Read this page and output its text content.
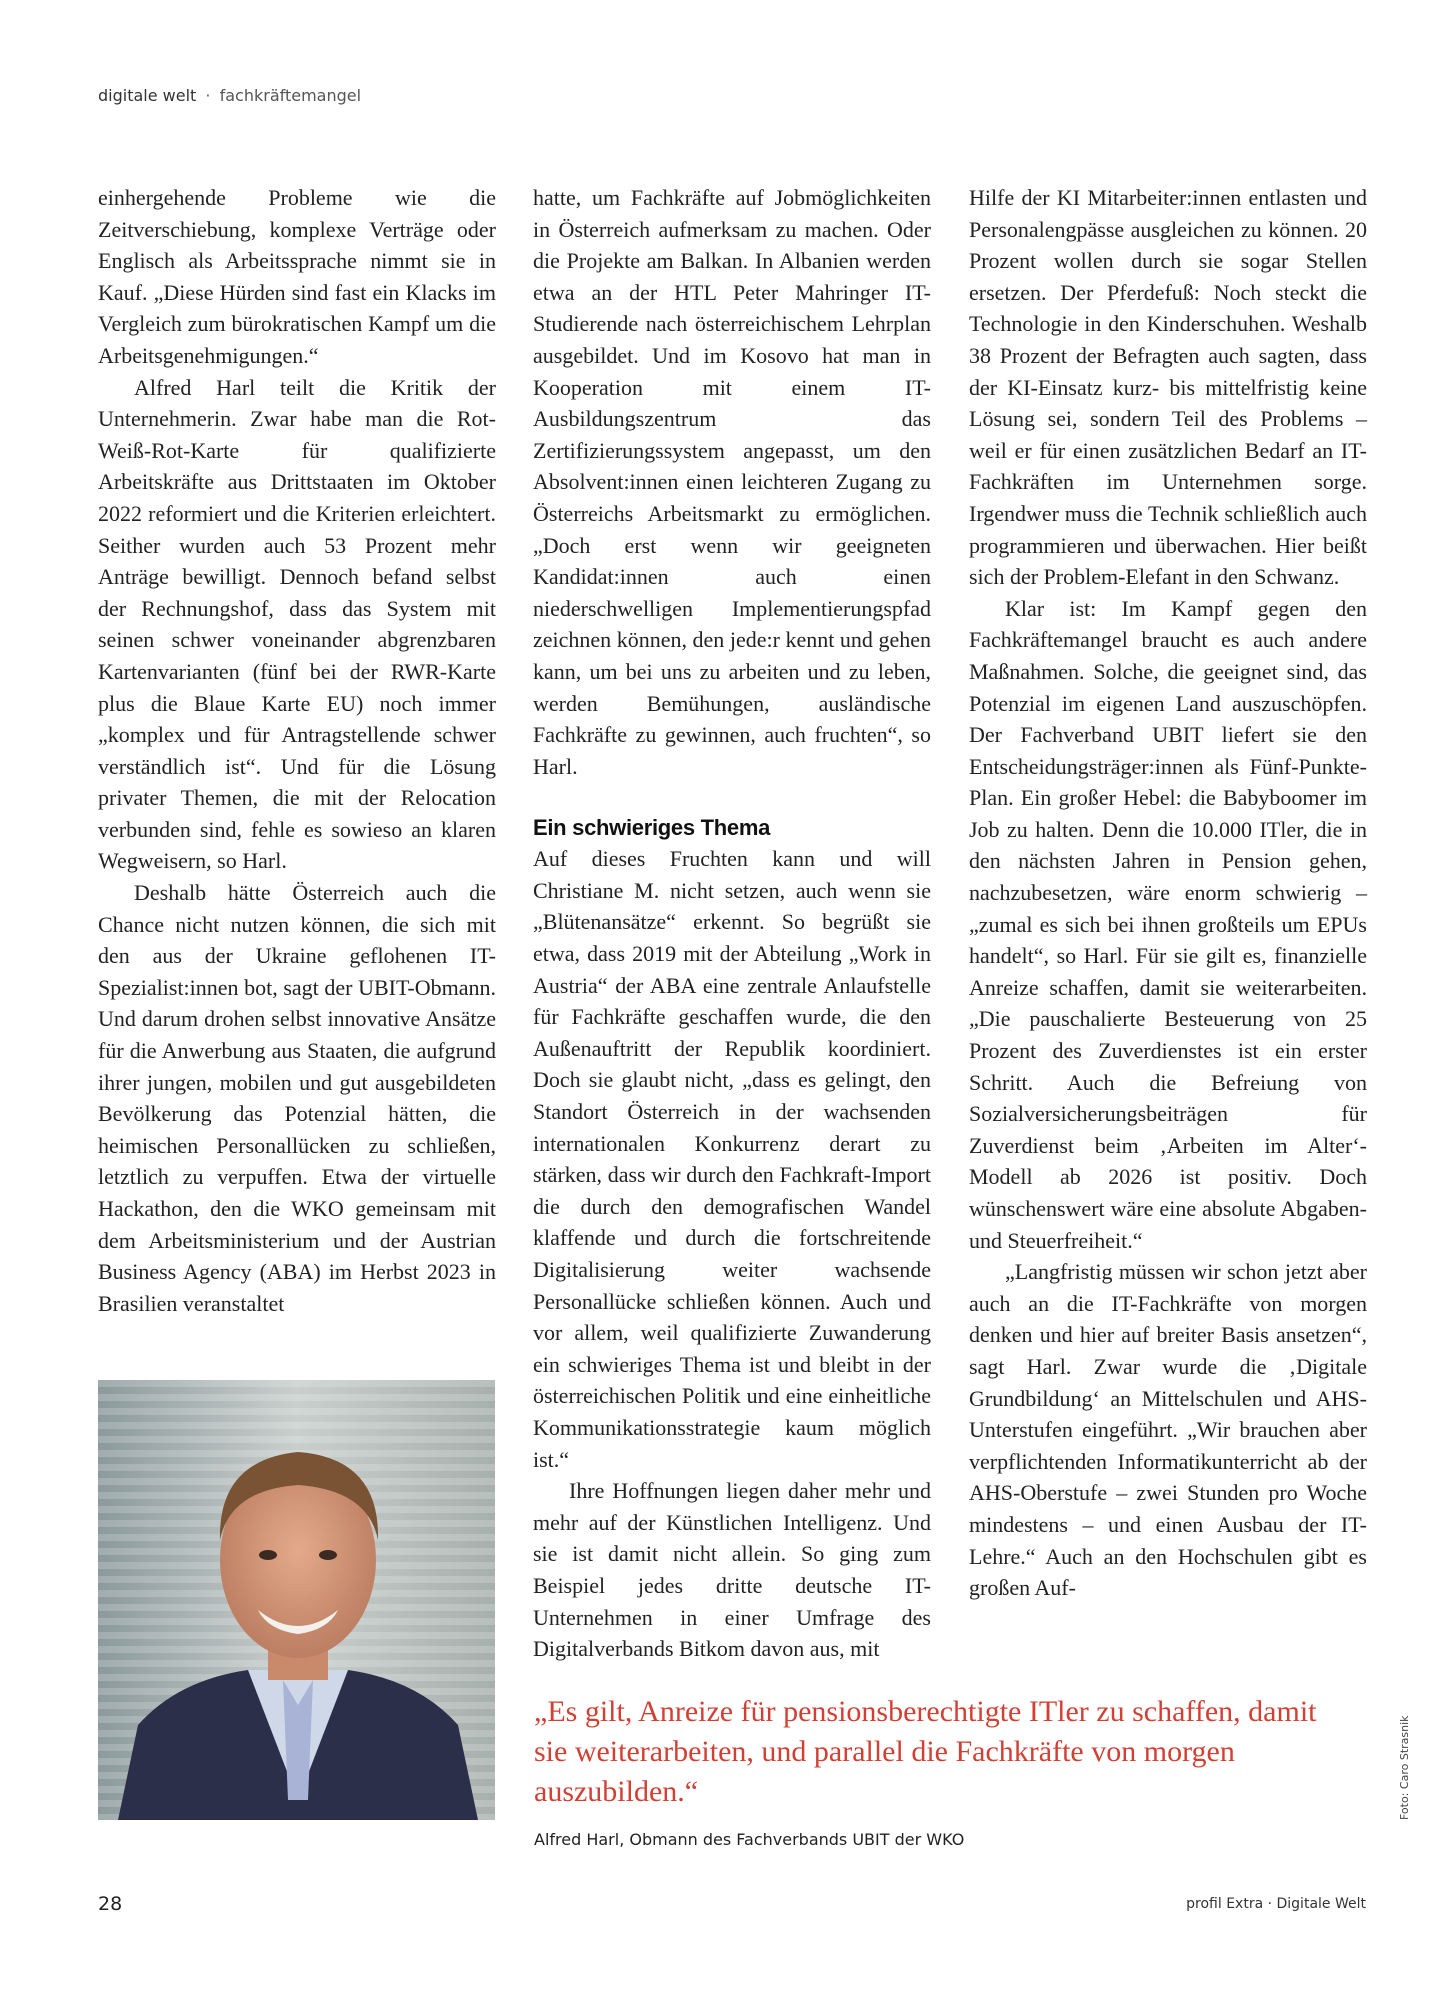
digitale welt · fachkräftemangel

einhergehende Probleme wie die Zeitverschiebung, komplexe Verträge oder Englisch als Arbeitssprache nimmt sie in Kauf. „Diese Hürden sind fast ein Klacks im Vergleich zum bürokratischen Kampf um die Arbeitsgenehmigungen.“

Alfred Harl teilt die Kritik der Unternehmerin. Zwar habe man die Rot-Weiß-Rot-Karte für qualifizierte Arbeitskräfte aus Drittstaaten im Oktober 2022 reformiert und die Kriterien erleichtert. Seither wurden auch 53 Prozent mehr Anträge bewilligt. Dennoch befand selbst der Rechnungshof, dass das System mit seinen schwer voneinander abgrenzbaren Kartenvarianten (fünf bei der RWR-Karte plus die Blaue Karte EU) noch immer „komplex und für Antragstellende schwer verständlich ist“. Und für die Lösung privater Themen, die mit der Relocation verbunden sind, fehle es sowieso an klaren Wegweisern, so Harl.

Deshalb hätte Österreich auch die Chance nicht nutzen können, die sich mit den aus der Ukraine geflohenen IT-Spezialist:innen bot, sagt der UBIT-Obmann. Und darum drohen selbst innovative Ansätze für die Anwerbung aus Staaten, die aufgrund ihrer jungen, mobilen und gut ausgebildeten Bevölkerung das Potenzial hätten, die heimischen Personallücken zu schließen, letztlich zu verpuffen. Etwa der virtuelle Hackathon, den die WKO gemeinsam mit dem Arbeitsministerium und der Austrian Business Agency (ABA) im Herbst 2023 in Brasilien veranstaltet

hatte, um Fachkräfte auf Jobmöglichkeiten in Österreich aufmerksam zu machen. Oder die Projekte am Balkan. In Albanien werden etwa an der HTL Peter Mahringer IT-Studierende nach österreichischem Lehrplan ausgebildet. Und im Kosovo hat man in Kooperation mit einem IT-Ausbildungszentrum das Zertifizierungssystem angepasst, um den Absolvent:innen einen leichteren Zugang zu Österreichs Arbeitsmarkt zu ermöglichen. „Doch erst wenn wir geeigneten Kandidat:innen auch einen niederschwelligen Implementierungspfad zeichnen können, den jede:r kennt und gehen kann, um bei uns zu arbeiten und zu leben, werden Bemühungen, ausländische Fachkräfte zu gewinnen, auch fruchten“, so Harl.

Ein schwieriges Thema

Auf dieses Fruchten kann und will Christiane M. nicht setzen, auch wenn sie „Blütenansätze“ erkennt. So begrüßt sie etwa, dass 2019 mit der Abteilung „Work in Austria“ der ABA eine zentrale Anlaufstelle für Fachkräfte geschaffen wurde, die den Außenauftritt der Republik koordiniert. Doch sie glaubt nicht, „dass es gelingt, den Standort Österreich in der wachsenden internationalen Konkurrenz derart zu stärken, dass wir durch den Fachkraft-Import die durch den demografischen Wandel klaffende und durch die fortschreitende Digitalisierung weiter wachsende Personallücke schließen können. Auch und vor allem, weil qualifizierte Zuwanderung ein schwieriges Thema ist und bleibt in der österreichischen Politik und eine einheitliche Kommunikationsstrategie kaum möglich ist.“

Ihre Hoffnungen liegen daher mehr und mehr auf der Künstlichen Intelligenz. Und sie ist damit nicht allein. So ging zum Beispiel jedes dritte deutsche IT-Unternehmen in einer Umfrage des Digitalverbands Bitkom davon aus, mit

Hilfe der KI Mitarbeiter:innen entlasten und Personalengpässe ausgleichen zu können. 20 Prozent wollen durch sie sogar Stellen ersetzen. Der Pferdefuß: Noch steckt die Technologie in den Kinderschuhen. Weshalb 38 Prozent der Befragten auch sagten, dass der KI-Einsatz kurz- bis mittelfristig keine Lösung sei, sondern Teil des Problems – weil er für einen zusätzlichen Bedarf an IT-Fachkräften im Unternehmen sorge. Irgendwer muss die Technik schließlich auch programmieren und überwachen. Hier beißt sich der Problem-Elefant in den Schwanz.

Klar ist: Im Kampf gegen den Fachkräftemangel braucht es auch andere Maßnahmen. Solche, die geeignet sind, das Potenzial im eigenen Land auszuschöpfen. Der Fachverband UBIT liefert sie den Entscheidungsträger:innen als Fünf-Punkte-Plan. Ein großer Hebel: die Babyboomer im Job zu halten. Denn die 10.000 ITler, die in den nächsten Jahren in Pension gehen, nachzubesetzen, wäre enorm schwierig – „zumal es sich bei ihnen großteils um EPUs handelt“, so Harl. Für sie gilt es, finanzielle Anreize schaffen, damit sie weiterarbeiten. „Die pauschalierte Besteuerung von 25 Prozent des Zuverdienstes ist ein erster Schritt. Auch die Befreiung von Sozialversicherungsbeiträgen für Zuverdienst beim ‚Arbeiten im Alter‘-Modell ab 2026 ist positiv. Doch wünschenswert wäre eine absolute Abgaben- und Steuerfreiheit.“

„Langfristig müssen wir schon jetzt aber auch an die IT-Fachkräfte von morgen denken und hier auf breiter Basis ansetzen“, sagt Harl. Zwar wurde die ‚Digitale Grundbildung‘ an Mittelschulen und AHS-Unterstufen eingeführt. „Wir brauchen aber verpflichtenden Informatikunterricht ab der AHS-Oberstufe – zwei Stunden pro Woche mindestens – und einen Ausbau der IT-Lehre.“ Auch an den Hochschulen gibt es großen Auf-

„Es gilt, Anreize für pensionsberechtigte ITler zu schaffen, damit sie weiterarbeiten, und parallel die Fachkräfte von morgen auszubilden.“
Alfred Harl, Obmann des Fachverbands UBIT der WKO
Foto: Caro Strasnik
28	profil Extra · Digitale Welt
